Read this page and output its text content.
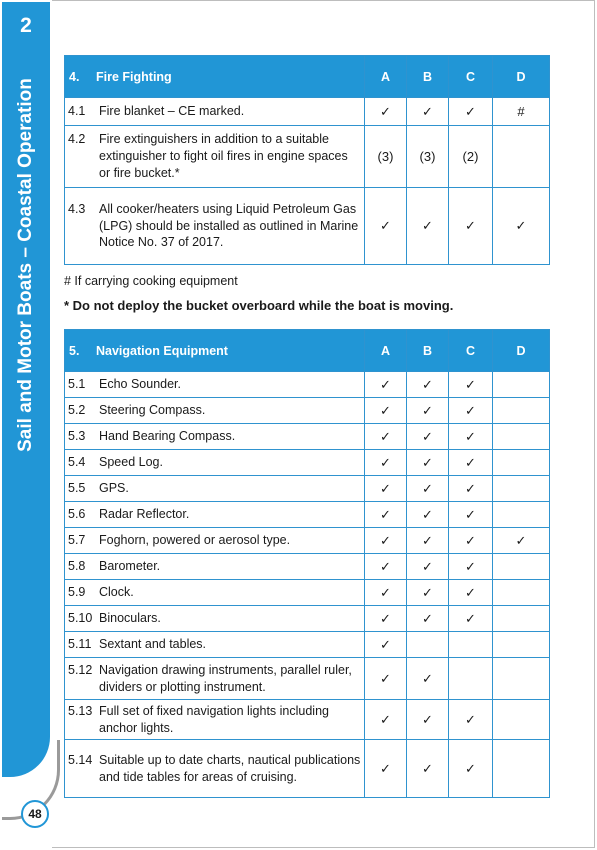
2
Sail and Motor Boats – Coastal Operation
48
4. Fire Fighting	A	B	C	D

4.1 Fire blanket – CE marked.	✓	✓	✓	#

4.2 Fire extinguishers in addition to a suitable extinguisher to fight oil fires in engine spaces or fire bucket.*	(3)	(3)	(2)	

4.3 All cooker/heaters using Liquid Petroleum Gas (LPG) should be installed as outlined in Marine Notice No. 37 of 2017.	✓	✓	✓	✓
# If carrying cooking equipment
* Do not deploy the bucket overboard while the boat is moving.
5. Navigation Equipment	A	B	C	D

5.1 Echo Sounder.	✓	✓	✓	

5.2 Steering Compass.	✓	✓	✓	

5.3 Hand Bearing Compass.	✓	✓	✓	

5.4 Speed Log.	✓	✓	✓	

5.5 GPS.	✓	✓	✓	

5.6 Radar Reflector.	✓	✓	✓	

5.7 Foghorn, powered or aerosol type.	✓	✓	✓	✓

5.8 Barometer.	✓	✓	✓	

5.9 Clock.	✓	✓	✓	

5.10 Binoculars.	✓	✓	✓	

5.11 Sextant and tables.	✓			

5.12 Navigation drawing instruments, parallel ruler, dividers or plotting instrument.	✓	✓		

5.13 Full set of fixed navigation lights including anchor lights.	✓	✓	✓	

5.14 Suitable up to date charts, nautical publications and tide tables for areas of cruising.	✓	✓	✓	
